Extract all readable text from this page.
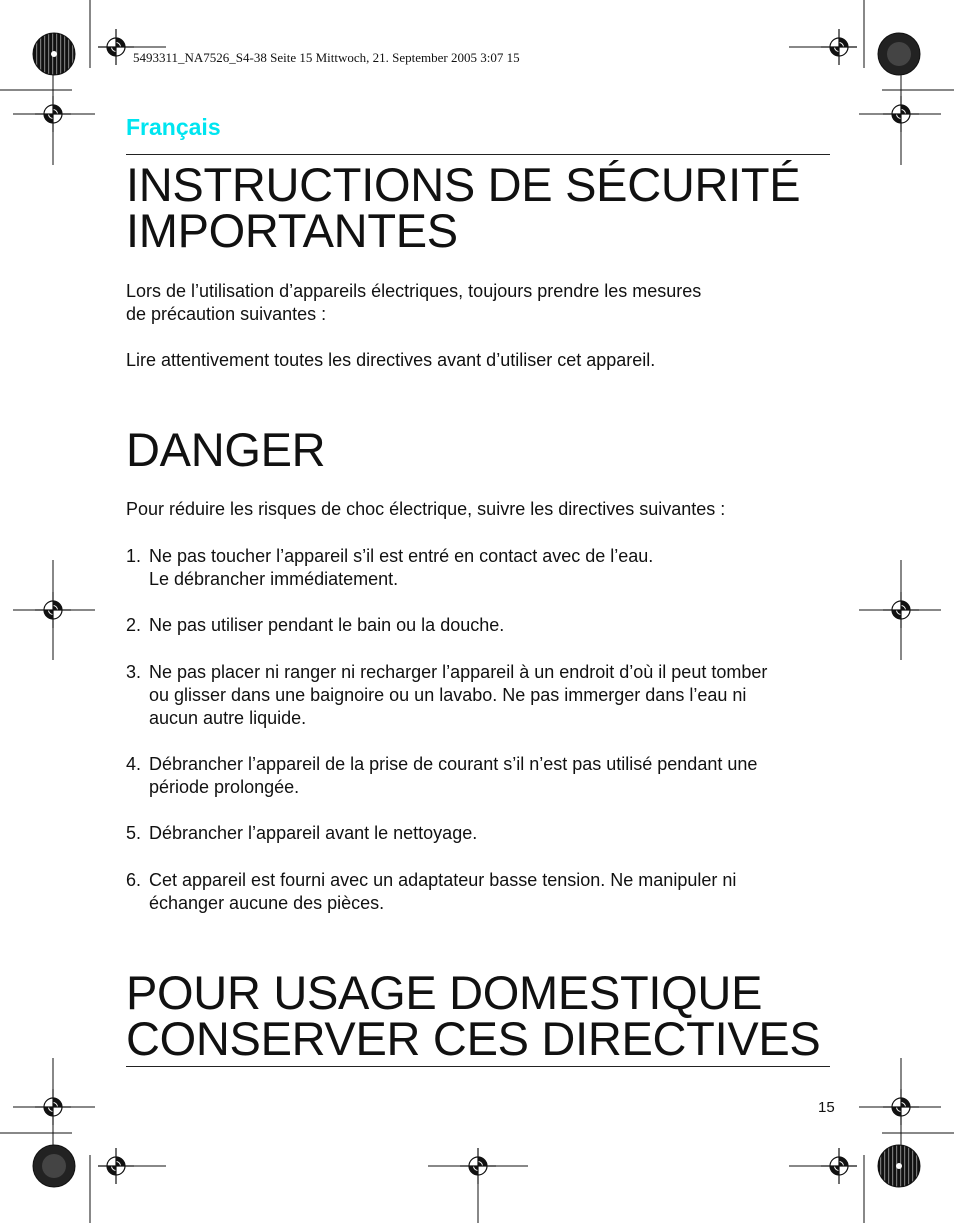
5493311_NA7526_S4-38 Seite 15 Mittwoch, 21. September 2005 3:07 15
Français
INSTRUCTIONS DE SÉCURITÉ
IMPORTANTES

Lors de l’utilisation d’appareils électriques, toujours prendre les mesures
de précaution suivantes :

Lire attentivement toutes les directives avant d’utiliser cet appareil.

DANGER

Pour réduire les risques de choc électrique, suivre les directives suivantes :

1. Ne pas toucher l’appareil s’il est entré en contact avec de l’eau.
Le débrancher immédiatement.
2. Ne pas utiliser pendant le bain ou la douche.
3. Ne pas placer ni ranger ni recharger l’appareil à un endroit d’où il peut tomber
ou glisser dans une baignoire ou un lavabo. Ne pas immerger dans l’eau ni
aucun autre liquide.
4. Débrancher l’appareil de la prise de courant s’il n’est pas utilisé pendant une
période prolongée.
5. Débrancher l’appareil avant le nettoyage.
6. Cet appareil est fourni avec un adaptateur basse tension. Ne manipuler ni
échanger aucune des pièces.
POUR USAGE DOMESTIQUE
CONSERVER CES DIRECTIVES
15
